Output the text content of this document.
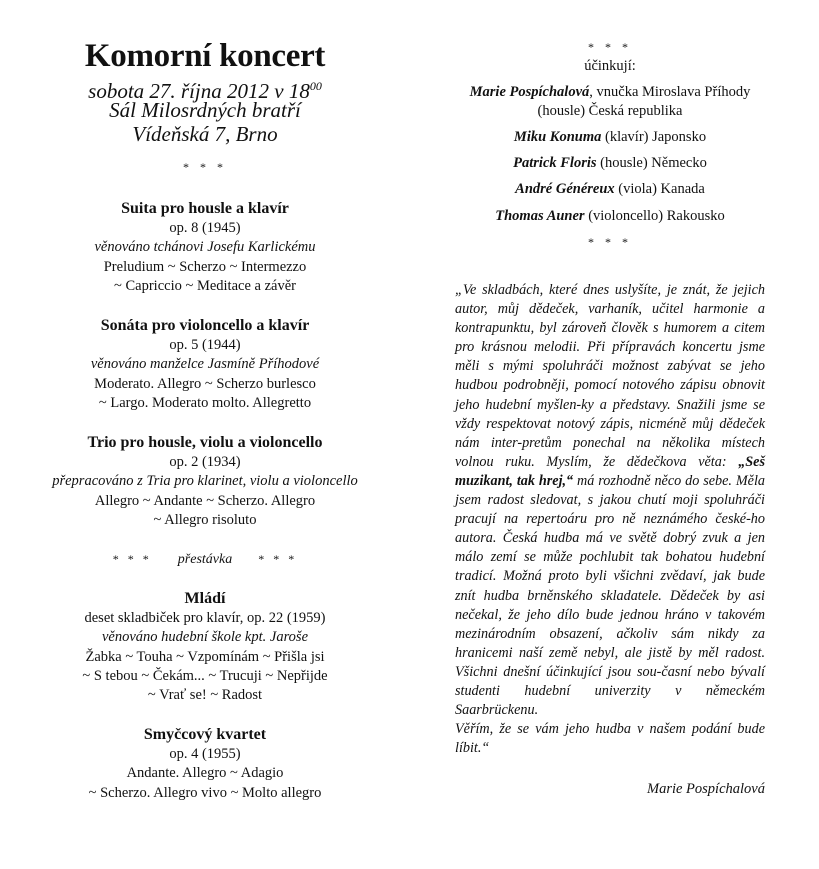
Komorní koncert
sobota 27. října 2012 v $18^{00}$
Sál Milosrdných bratří
Vídeňská 7, Brno
* * *
Suita pro housle a klavír
op. 8 (1945)
věnováno tchánovi Josefu Karlickému
Preludium ~ Scherzo ~ Intermezzo
~ Capriccio ~ Meditace a závěr
Sonáta pro violoncello a klavír
op. 5 (1944)
věnováno manželce Jasmíně Příhodové
Moderato. Allegro ~ Scherzo burlesco
~ Largo. Moderato molto. Allegretto
Trio pro housle, violu a violoncello
op. 2 (1934)
přepracováno z Tria pro klarinet, violu a violoncello
Allegro ~ Andante ~ Scherzo. Allegro
~ Allegro risoluto
* * * přestávka * * *
Mládí
deset skladbiček pro klavír, op. 22 (1959)
věnováno hudební škole kpt. Jaroše
Žabka ~ Touha ~ Vzpomínám ~ Přišla jsi
~ S tebou ~ Čekám... ~ Trucuji ~ Nepřijde
~ Vrať se! ~ Radost
Smyčcový kvartet
op. 4 (1955)
Andante. Allegro ~ Adagio
~ Scherzo. Allegro vivo ~ Molto allegro
* * *
účinkují:
Marie Pospíchalová, vnučka Miroslava Příhody
(housle) Česká republika
Miku Konuma (klavír) Japonsko
Patrick Floris (housle) Německo
André Généreux (viola) Kanada
Thomas Auner (violoncello) Rakousko
* * *
„Ve skladbách, které dnes uslyšíte, je znát, že jejich autor, můj dědeček, varhaník, učitel harmonie a kontrapunktu, byl zároveň člověk s humorem a citem pro krásnou melodii. Při přípravách koncertu jsme měli s mými spoluhráči možnost zabývat se jeho hudbou podrobněji, pomocí notového zápisu obnovit jeho hudební myšlen-ky a představy. Snažili jsme se vždy respektovat notový zápis, nicméně můj dědeček nám inter-pretům ponechal na několika místech volnou ruku. Myslím, že dědečkova věta: „Seš muzikant, tak hrej,“ má rozhodně něco do sebe. Měla jsem radost sledovat, s jakou chutí moji spoluhráči pracují na repertoáru pro ně neznámého české-ho autora. Česká hudba má ve světě dobrý zvuk a jen málo zemí se může pochlubit tak bohatou hudební tradicí. Možná proto byli všichni zvědaví, jak bude znít hudba brněnského skladatele. Dědeček by asi nečekal, že jeho dílo bude jednou hráno v takovém mezinárodním obsazení, ačkoliv sám nikdy za hranicemi naší země nebyl, ale jistě by měl radost. Všichni dnešní účinkující jsou sou-časní nebo bývalí studenti hudební univerzity v německém Saarbrückenu.
Věřím, že se vám jeho hudba v našem podání bude líbit.“
Marie Pospíchalová
